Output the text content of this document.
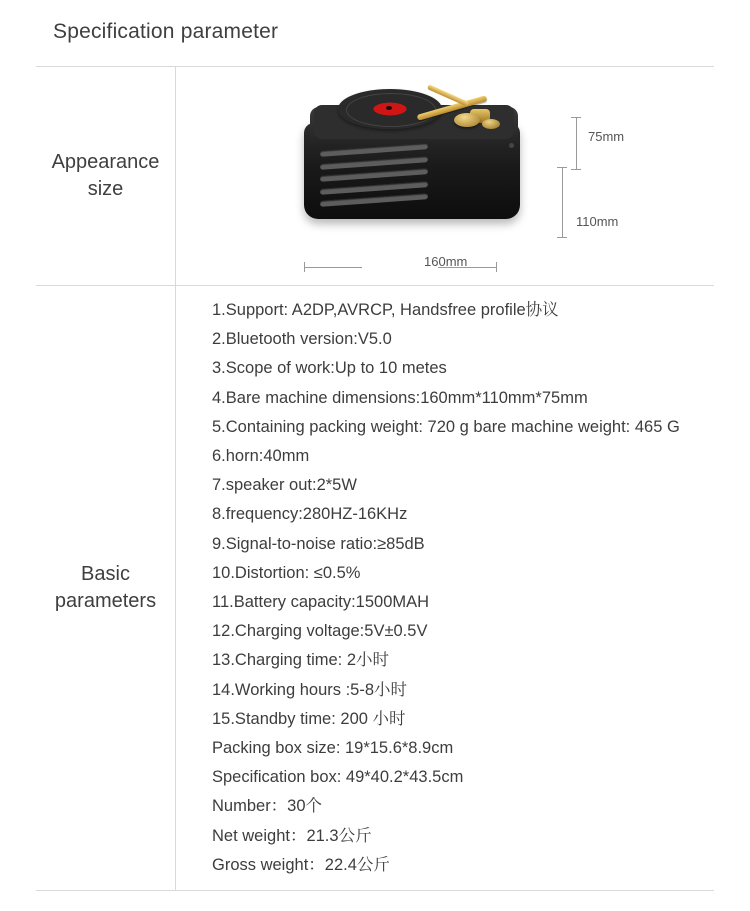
Specification parameter
Appearance
size

75mm
110mm
160mm

Basic
parameters

1.Support: A2DP,AVRCP, Handsfree profile协议
2.Bluetooth version:V5.0
3.Scope of work:Up to 10 metes
4.Bare machine dimensions:160mm*110mm*75mm
5.Containing packing weight: 720 g bare machine weight: 465 G
6.horn:40mm
7.speaker out:2*5W
8.frequency:280HZ-16KHz
9.Signal-to-noise ratio:≥85dB
10.Distortion: ≤0.5%
11.Battery capacity:1500MAH
12.Charging voltage:5V±0.5V
13.Charging time: 2小时
14.Working hours :5-8小时
15.Standby time: 200 小时
Packing box size: 19*15.6*8.9cm
Specification box: 49*40.2*43.5cm
Number：30个
Net weight：21.3公斤
Gross weight：22.4公斤
